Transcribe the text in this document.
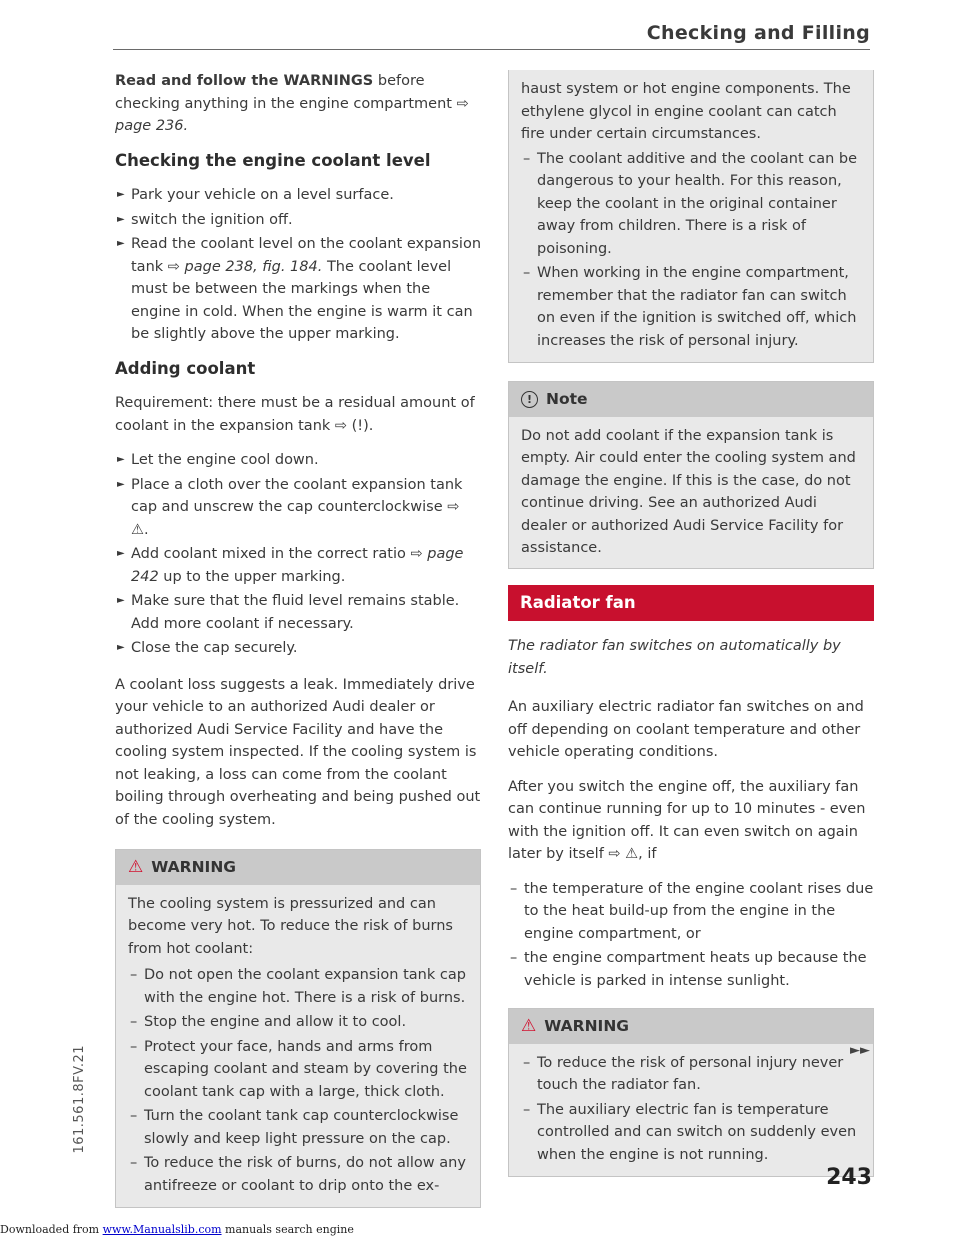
Checking and Filling

Read and follow the WARNINGS before checking anything in the engine compartment ⇨ page 236.

Checking the engine coolant level
► Park your vehicle on a level surface.
► switch the ignition off.
► Read the coolant level on the coolant expansion tank ⇨ page 238, fig. 184. The coolant level must be between the markings when the engine in cold. When the engine is warm it can be slightly above the upper marking.
Adding coolant

Requirement: there must be a residual amount of coolant in the expansion tank ⇨ (!).

► Let the engine cool down.
► Place a cloth over the coolant expansion tank cap and unscrew the cap counterclockwise ⇨ ⚠.
► Add coolant mixed in the correct ratio ⇨ page 242 up to the upper marking.
► Make sure that the fluid level remains stable. Add more coolant if necessary.
► Close the cap securely.

A coolant loss suggests a leak. Immediately drive your vehicle to an authorized Audi dealer or authorized Audi Service Facility and have the cooling system inspected. If the cooling system is not leaking, a loss can come from the coolant boiling through overheating and being pushed out of the cooling system.

⚠ WARNING

The cooling system is pressurized and can become very hot. To reduce the risk of burns from hot coolant:

– Do not open the coolant expansion tank cap with the engine hot. There is a risk of burns.
– Stop the engine and allow it to cool.
– Protect your face, hands and arms from escaping coolant and steam by covering the coolant tank cap with a large, thick cloth.
– Turn the coolant tank cap counterclockwise slowly and keep light pressure on the cap.
– To reduce the risk of burns, do not allow any antifreeze or coolant to drip onto the ex-

haust system or hot engine components. The ethylene glycol in engine coolant can catch fire under certain circumstances.

– The coolant additive and the coolant can be dangerous to your health. For this reason, keep the coolant in the original container away from children. There is a risk of poisoning.
– When working in the engine compartment, remember that the radiator fan can switch on even if the ignition is switched off, which increases the risk of personal injury.
! Note

Do not add coolant if the expansion tank is empty. Air could enter the cooling system and damage the engine. If this is the case, do not continue driving. See an authorized Audi dealer or authorized Audi Service Facility for assistance.

Radiator fan

The radiator fan switches on automatically by itself.

An auxiliary electric radiator fan switches on and off depending on coolant temperature and other vehicle operating conditions.

After you switch the engine off, the auxiliary fan can continue running for up to 10 minutes - even with the ignition off. It can even switch on again later by itself ⇨ ⚠, if

– the temperature of the engine coolant rises due to the heat build-up from the engine in the engine compartment, or
– the engine compartment heats up because the vehicle is parked in intense sunlight.
⚠ WARNING
– To reduce the risk of personal injury never touch the radiator fan.
– The auxiliary electric fan is temperature controlled and can switch on suddenly even when the engine is not running.
►►
161.561.8FV.21
243
Downloaded from www.Manualslib.com manuals search engine
